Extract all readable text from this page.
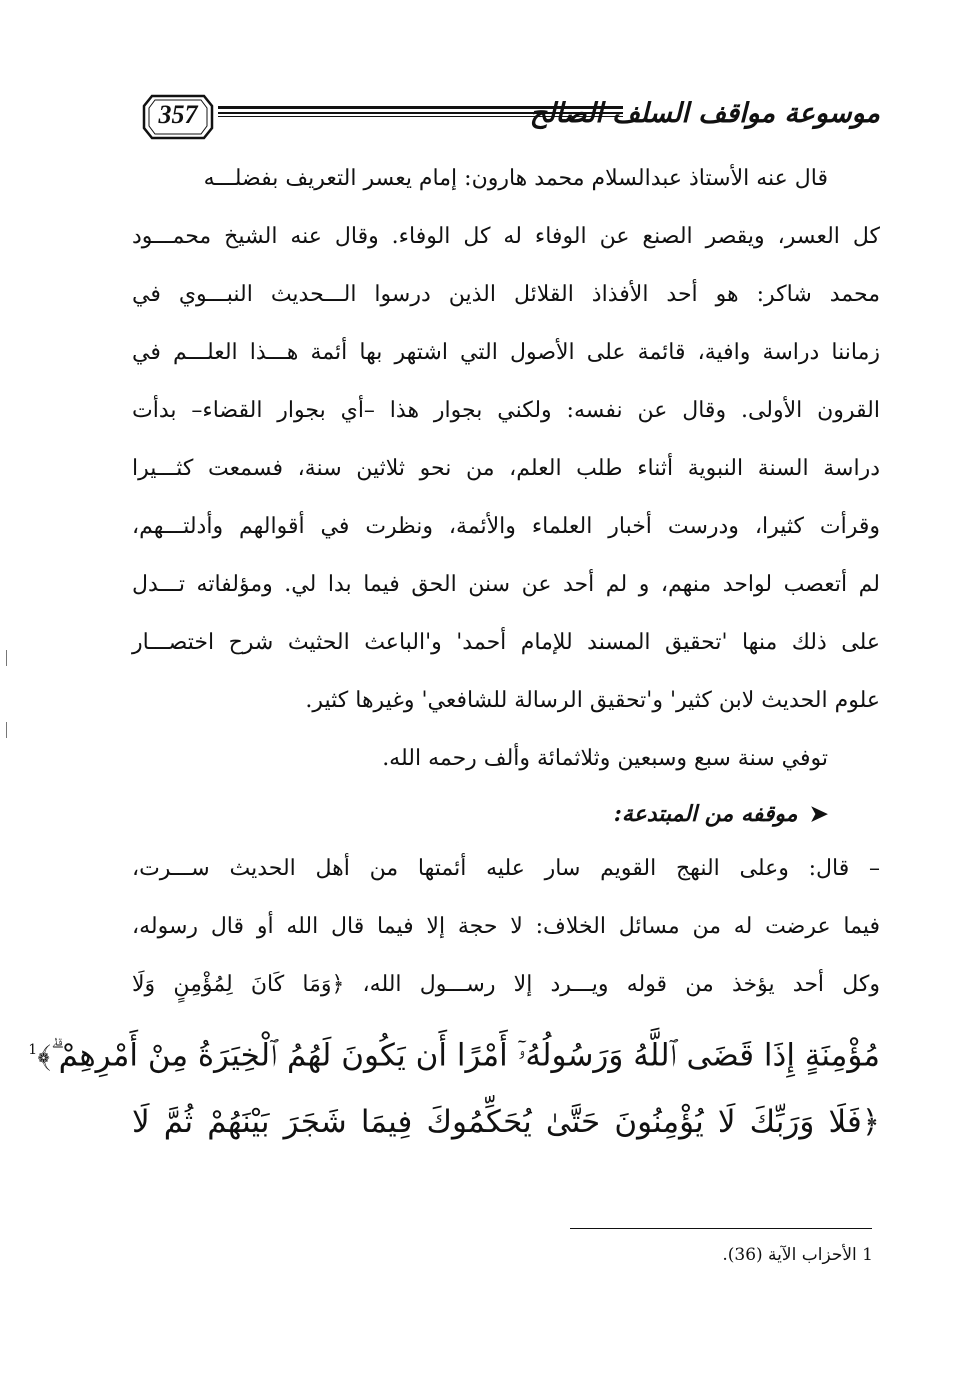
357	موسوعة مواقف السلف الصالح
قال عنه الأستاذ عبدالسلام محمد هارون: إمام يعسر التعريف بفضلـــه
كل العسر، ويقصر الصنع عن الوفاء له كل الوفاء. وقال عنه الشيخ محمـــود
محمد شاكر: هو أحد الأفذاذ القلائل الذين درسوا الـــحديث النبـــوي في
زماننا دراسة وافية، قائمة على الأصول التي اشتهر بها أئمة هـــذا العلـــم في
القرون الأولى. وقال عن نفسه: ولكني بجوار هذا –أي بجوار القضاء– بدأت
دراسة السنة النبوية أثناء طلب العلم، من نحو ثلاثين سنة، فسمعت كثـــيرا
وقرأت كثيرا، ودرست أخبار العلماء والأئمة، ونظرت في أقوالهم وأدلتـــهم،
لم أتعصب لواحد منهم، و لم أحد عن سنن الحق فيما بدا لي. ومؤلفاته تـــدل
على ذلك منها 'تحقيق المسند للإمام أحمد' و'الباعث الحثيث شرح اختصـــار
علوم الحديث لابن كثير' و'تحقيق الرسالة للشافعي' وغيرها كثير.
توفي سنة سبع وسبعين وثلاثمائة وألف رحمه الله.
➤موقفه من المبتدعة:
– قال: وعلى النهج القويم سار عليه أئمتها من أهل الحديث ســـرت،
فيما عرضت له من مسائل الخلاف: لا حجة إلا فيما قال الله أو قال رسوله،
وكل أحد يؤخذ من قوله ويـــرد إلا رســـول الله، ﴿وَمَا كَانَ لِمُؤْمِنٍ وَلَا
مُؤْمِنَةٍ إِذَا قَضَى ٱللَّهُ وَرَسُولُهُۥٓ أَمْرًا أَن يَكُونَ لَهُمُ ٱلْخِيَرَةُ مِنْ أَمْرِهِمْ ۗ﴾$^1$
﴿فَلَا وَرَبِّكَ لَا يُؤْمِنُونَ حَتَّىٰ يُحَكِّمُوكَ فِيمَا شَجَرَ بَيْنَهُمْ ثُمَّ لَا
1 الأحزاب الآية (36).
